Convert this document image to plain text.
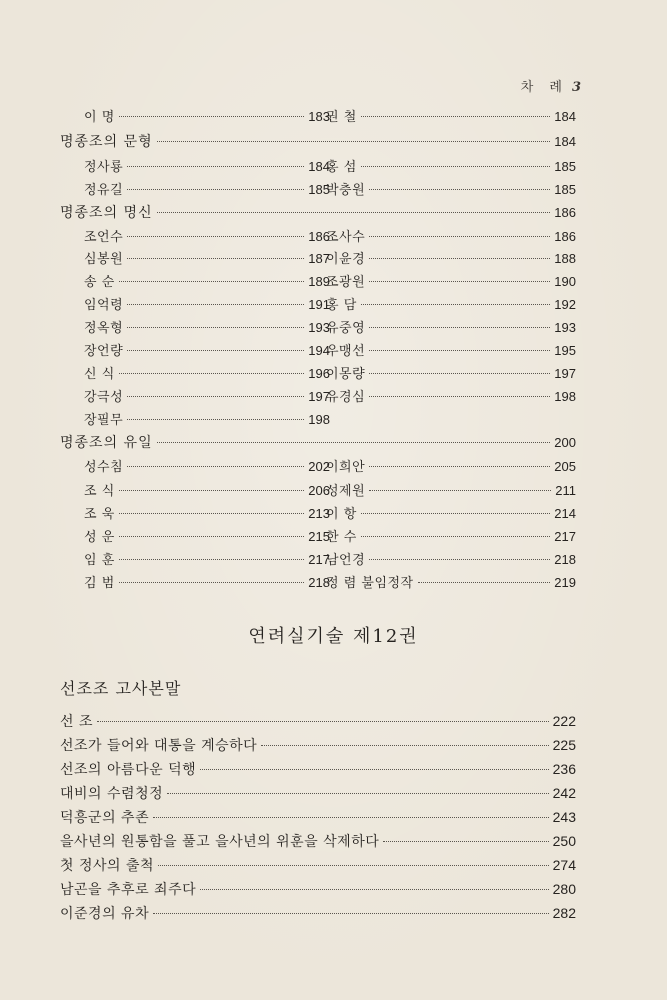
차 례 3
이 명	183
권 철	184
명종조의 문형	184
정사룡	184
홍 섬	185
정유길	185
박충원	185
명종조의 명신	186
조언수	186
조사수	186
심봉원	187
이윤경	188
송 순	189
조광원	190
임억령	191
홍 담	192
정옥형	193
유중영	193
장언량	194
우맹선	195
신 식	196
이몽량	197
강극성	197
유경심	198
장필무	198
명종조의 유일	200
성수침	202
이희안	205
조 식	206
성제원	211
조 욱	213
이 항	214
성 운	215
한 수	217
임 훈	217
남언경	218
김 범	218
정 렴 불임정작	219
연려실기술 제12권
선조조 고사본말
선 조	222
선조가 들어와 대통을 계승하다	225
선조의 아름다운 덕행	236
대비의 수렴청정	242
덕흥군의 추존	243
을사년의 원통함을 풀고 을사년의 위훈을 삭제하다	250
첫 정사의 출척	274
남곤을 추후로 죄주다	280
이준경의 유차	282
